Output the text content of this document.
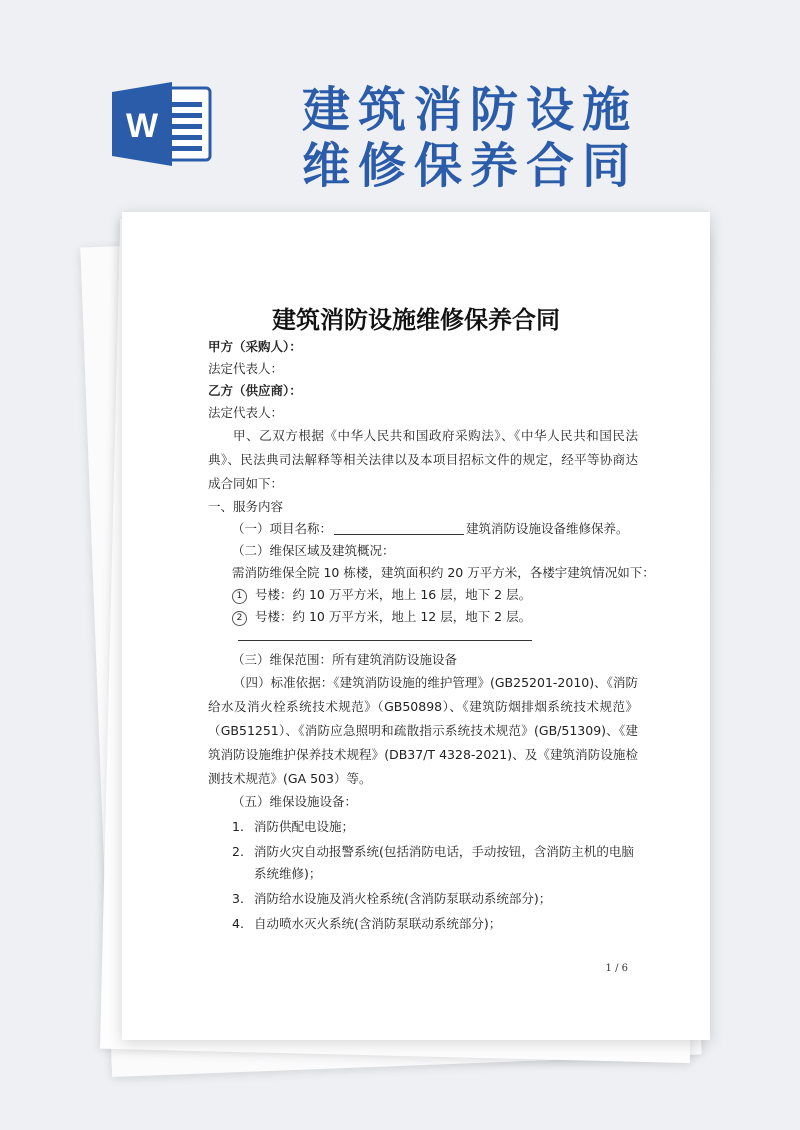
W	建筑消防设施
维修保养合同
建筑消防设施维修保养合同
甲方（采购人）：
法定代表人：
乙方（供应商）：
法定代表人：
甲、乙双方根据《中华人民共和国政府采购法》、《中华人民共和国民法典》、民法典司法解释等相关法律以及本项目招标文件的规定，经平等协商达成合同如下：
一、服务内容
（一）项目名称：	建筑消防设施设备维修保养。
（二）维保区域及建筑概况：
需消防维保全院 10 栋楼，建筑面积约 20 万平方米，各楼宇建筑情况如下：
1 号楼：约 10 万平方米，地上 16 层，地下 2 层。
2 号楼：约 10 万平方米，地上 12 层，地下 2 层。
（三）维保范围：所有建筑消防设施设备
（四）标准依据：《建筑消防设施的维护管理》(GB25201-2010)、《消防给水及消火栓系统技术规范》（GB50898）、《建筑防烟排烟系统技术规范》（GB51251）、《消防应急照明和疏散指示系统技术规范》(GB/51309)、《建筑消防设施维护保养技术规程》(DB37/T 4328-2021)、及《建筑消防设施检测技术规范》(GA 503）等。
（五）维保设施设备：
1. 消防供配电设施；
2. 消防火灾自动报警系统(包括消防电话，手动按钮，含消防主机的电脑系统维修)；
3. 消防给水设施及消火栓系统(含消防泵联动系统部分)；
4. 自动喷水灭火系统(含消防泵联动系统部分)；
1 / 6
